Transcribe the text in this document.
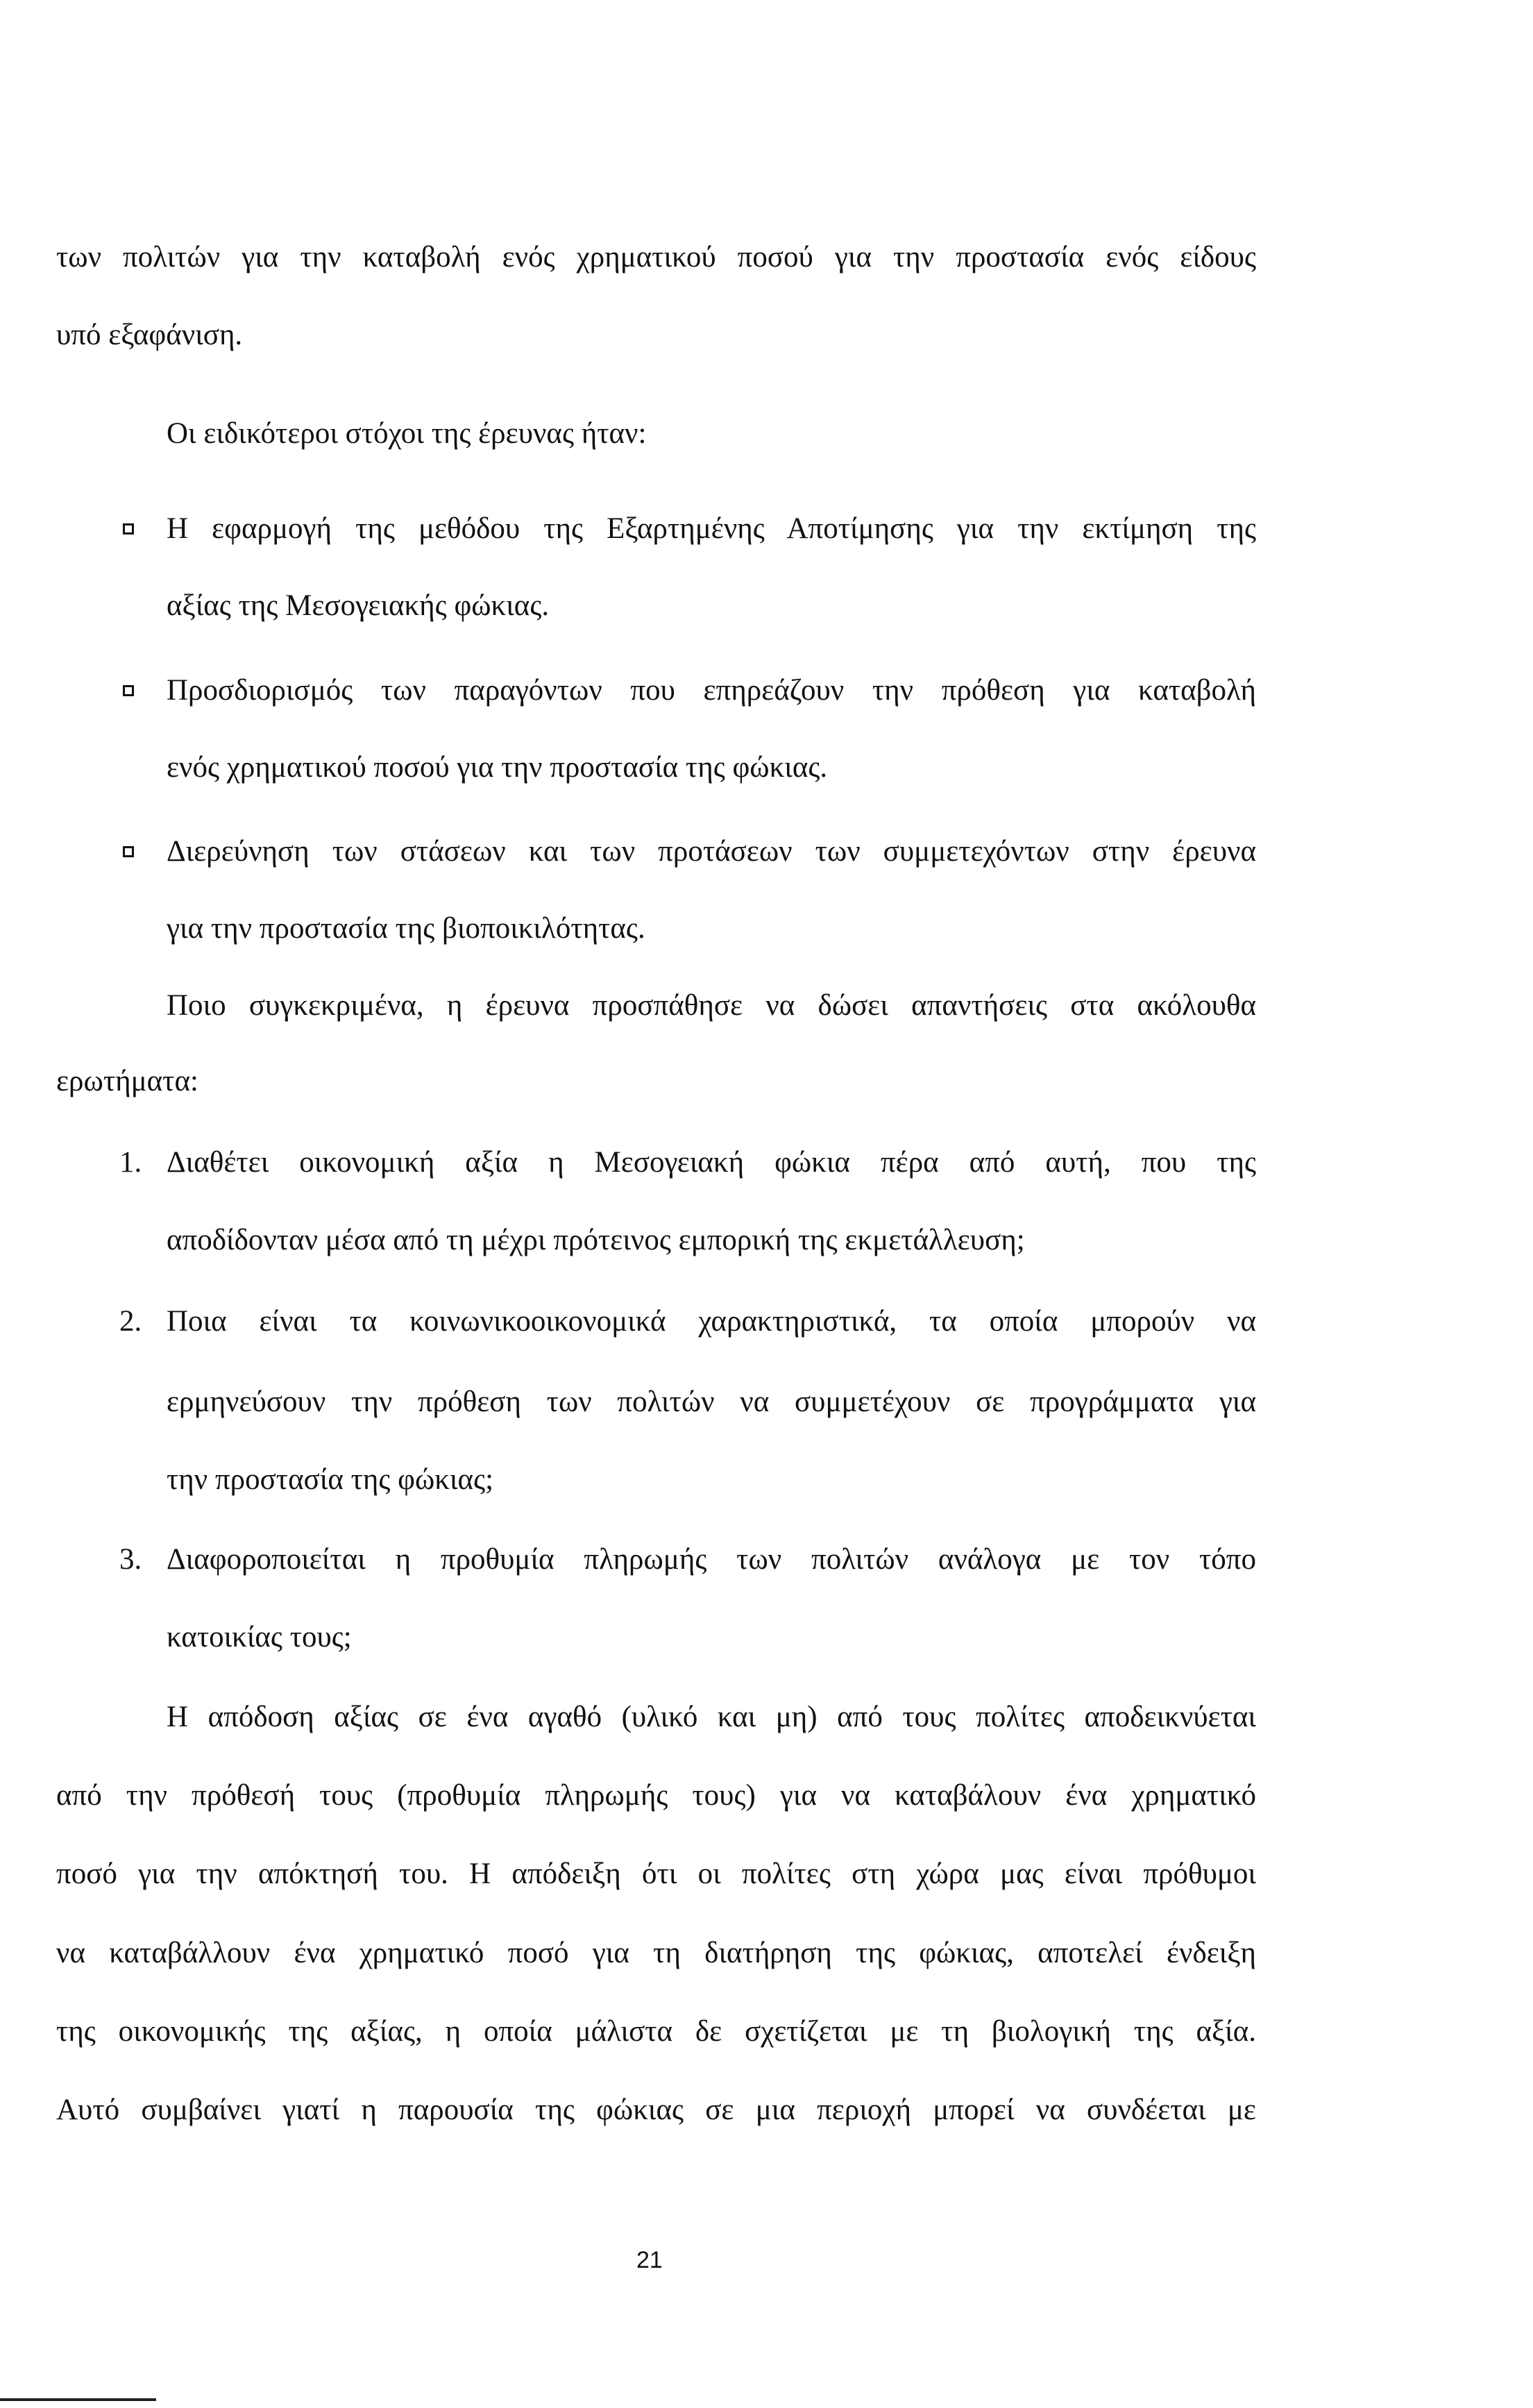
των πολιτών για την καταβολή ενός χρηματικού ποσού για την προστασία ενός είδους
υπό εξαφάνιση.
Οι ειδικότεροι στόχοι της έρευνας ήταν:
Η εφαρμογή της μεθόδου της Εξαρτημένης Αποτίμησης για την εκτίμηση της
αξίας της Μεσογειακής φώκιας.
Προσδιορισμός των παραγόντων που επηρεάζουν την πρόθεση για καταβολή
ενός χρηματικού ποσού για την προστασία της φώκιας.
Διερεύνηση των στάσεων και των προτάσεων των συμμετεχόντων στην έρευνα
για την προστασία της βιοποικιλότητας.
Ποιο συγκεκριμένα, η έρευνα προσπάθησε να δώσει απαντήσεις στα ακόλουθα
ερωτήματα:
1. Διαθέτει οικονομική αξία η Μεσογειακή φώκια πέρα από αυτή, που της
αποδίδονταν μέσα από τη μέχρι πρότεινος εμπορική της εκμετάλλευση;
2. Ποια είναι τα κοινωνικοοικονομικά χαρακτηριστικά, τα οποία μπορούν να
ερμηνεύσουν την πρόθεση των πολιτών να συμμετέχουν σε προγράμματα για
την προστασία της φώκιας;
3. Διαφοροποιείται η προθυμία πληρωμής των πολιτών ανάλογα με τον τόπο
κατοικίας τους;
Η απόδοση αξίας σε ένα αγαθό (υλικό και μη) από τους πολίτες αποδεικνύεται
από την πρόθεσή τους (προθυμία πληρωμής τους) για να καταβάλουν ένα χρηματικό
ποσό για την απόκτησή του. Η απόδειξη ότι οι πολίτες στη χώρα μας είναι πρόθυμοι
να καταβάλλουν ένα χρηματικό ποσό για τη διατήρηση της φώκιας, αποτελεί ένδειξη
της οικονομικής της αξίας, η οποία μάλιστα δε σχετίζεται με τη βιολογική της αξία.
Αυτό συμβαίνει γιατί η παρουσία της φώκιας σε μια περιοχή μπορεί να συνδέεται με
21
